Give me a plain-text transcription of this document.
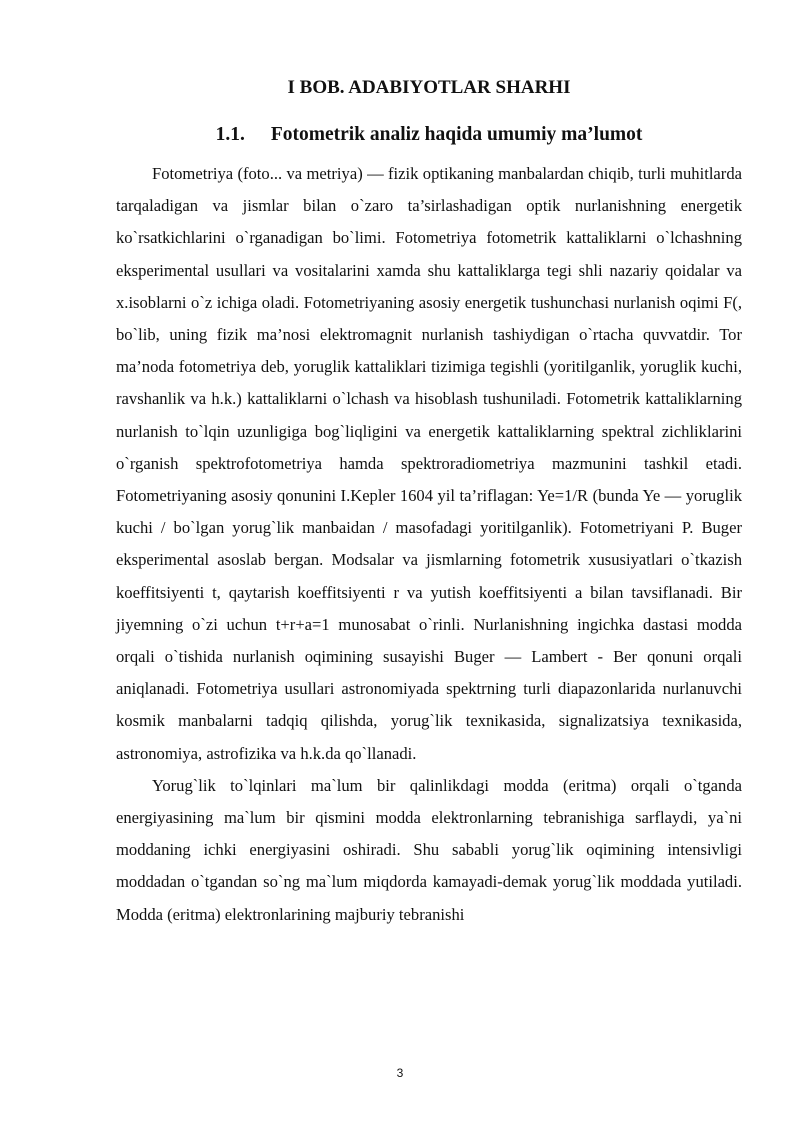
I BOB. ADABIYOTLAR SHARHI
1.1. Fotometrik analiz haqida umumiy ma’lumot

Fotometriya (foto... va metriya) — fizik optikaning manbalardan chiqib, turli muhitlarda tarqaladigan va jismlar bilan o`zaro ta’sirlashadigan optik nurlanishning energetik ko`rsatkichlarini o`rganadigan bo`limi. Fotometriya fotometrik kattaliklarni o`lchashning eksperimental usullari va vositalarini xamda shu kattaliklarga tegi shli nazariy qoidalar va x.isoblarni o`z ichiga oladi. Fotometriyaning asosiy energetik tushunchasi nurlanish oqimi F(, bo`lib, uning fizik ma’nosi elektromagnit nurlanish tashiydigan o`rtacha quvvatdir. Tor ma’noda fotometriya deb, yoruglik kattaliklari tizimiga tegishli (yoritilganlik, yoruglik kuchi, ravshanlik va h.k.) kattaliklarni o`lchash va hisoblash tushuniladi. Fotometrik kattaliklarning nurlanish to`lqin uzunligiga bog`liqligini va energetik kattaliklarning spektral zichliklarini o`rganish spektrofotometriya hamda spektroradiometriya mazmunini tashkil etadi. Fotometriyaning asosiy qonunini I.Kepler 1604 yil ta’riflagan: Ye=1/R (bunda Ye — yoruglik kuchi / bo`lgan yorug`lik manbaidan / masofadagi yoritilganlik). Fotometriyani P. Buger eksperimental asoslab bergan. Modsalar va jismlarning fotometrik xususiyatlari o`tkazish koeffitsiyenti t, qaytarish koeffitsiyenti r va yutish koeffitsiyenti a bilan tavsiflanadi. Bir jiyemning o`zi uchun t+r+a=1 munosabat o`rinli. Nurlanishning ingichka dastasi modda orqali o`tishida nurlanish oqimining susayishi Buger — Lambert - Ber qonuni orqali aniqlanadi. Fotometriya usullari astronomiyada spektrning turli diapazonlarida nurlanuvchi kosmik manbalarni tadqiq qilishda, yorug`lik texnikasida, signalizatsiya texnikasida, astronomiya, astrofizika va h.k.da qo`llanadi.

Yorug`lik to`lqinlari ma`lum bir qalinlikdagi modda (eritma) orqali o`tganda energiyasining ma`lum bir qismini modda elektronlarning tebranishiga sarflaydi, ya`ni moddaning ichki energiyasini oshiradi. Shu sababli yorug`lik oqimining intensivligi moddadan o`tgandan so`ng ma`lum miqdorda kamayadi-demak yorug`lik moddada yutiladi. Modda (eritma) elektronlarining majburiy tebranishi

3
